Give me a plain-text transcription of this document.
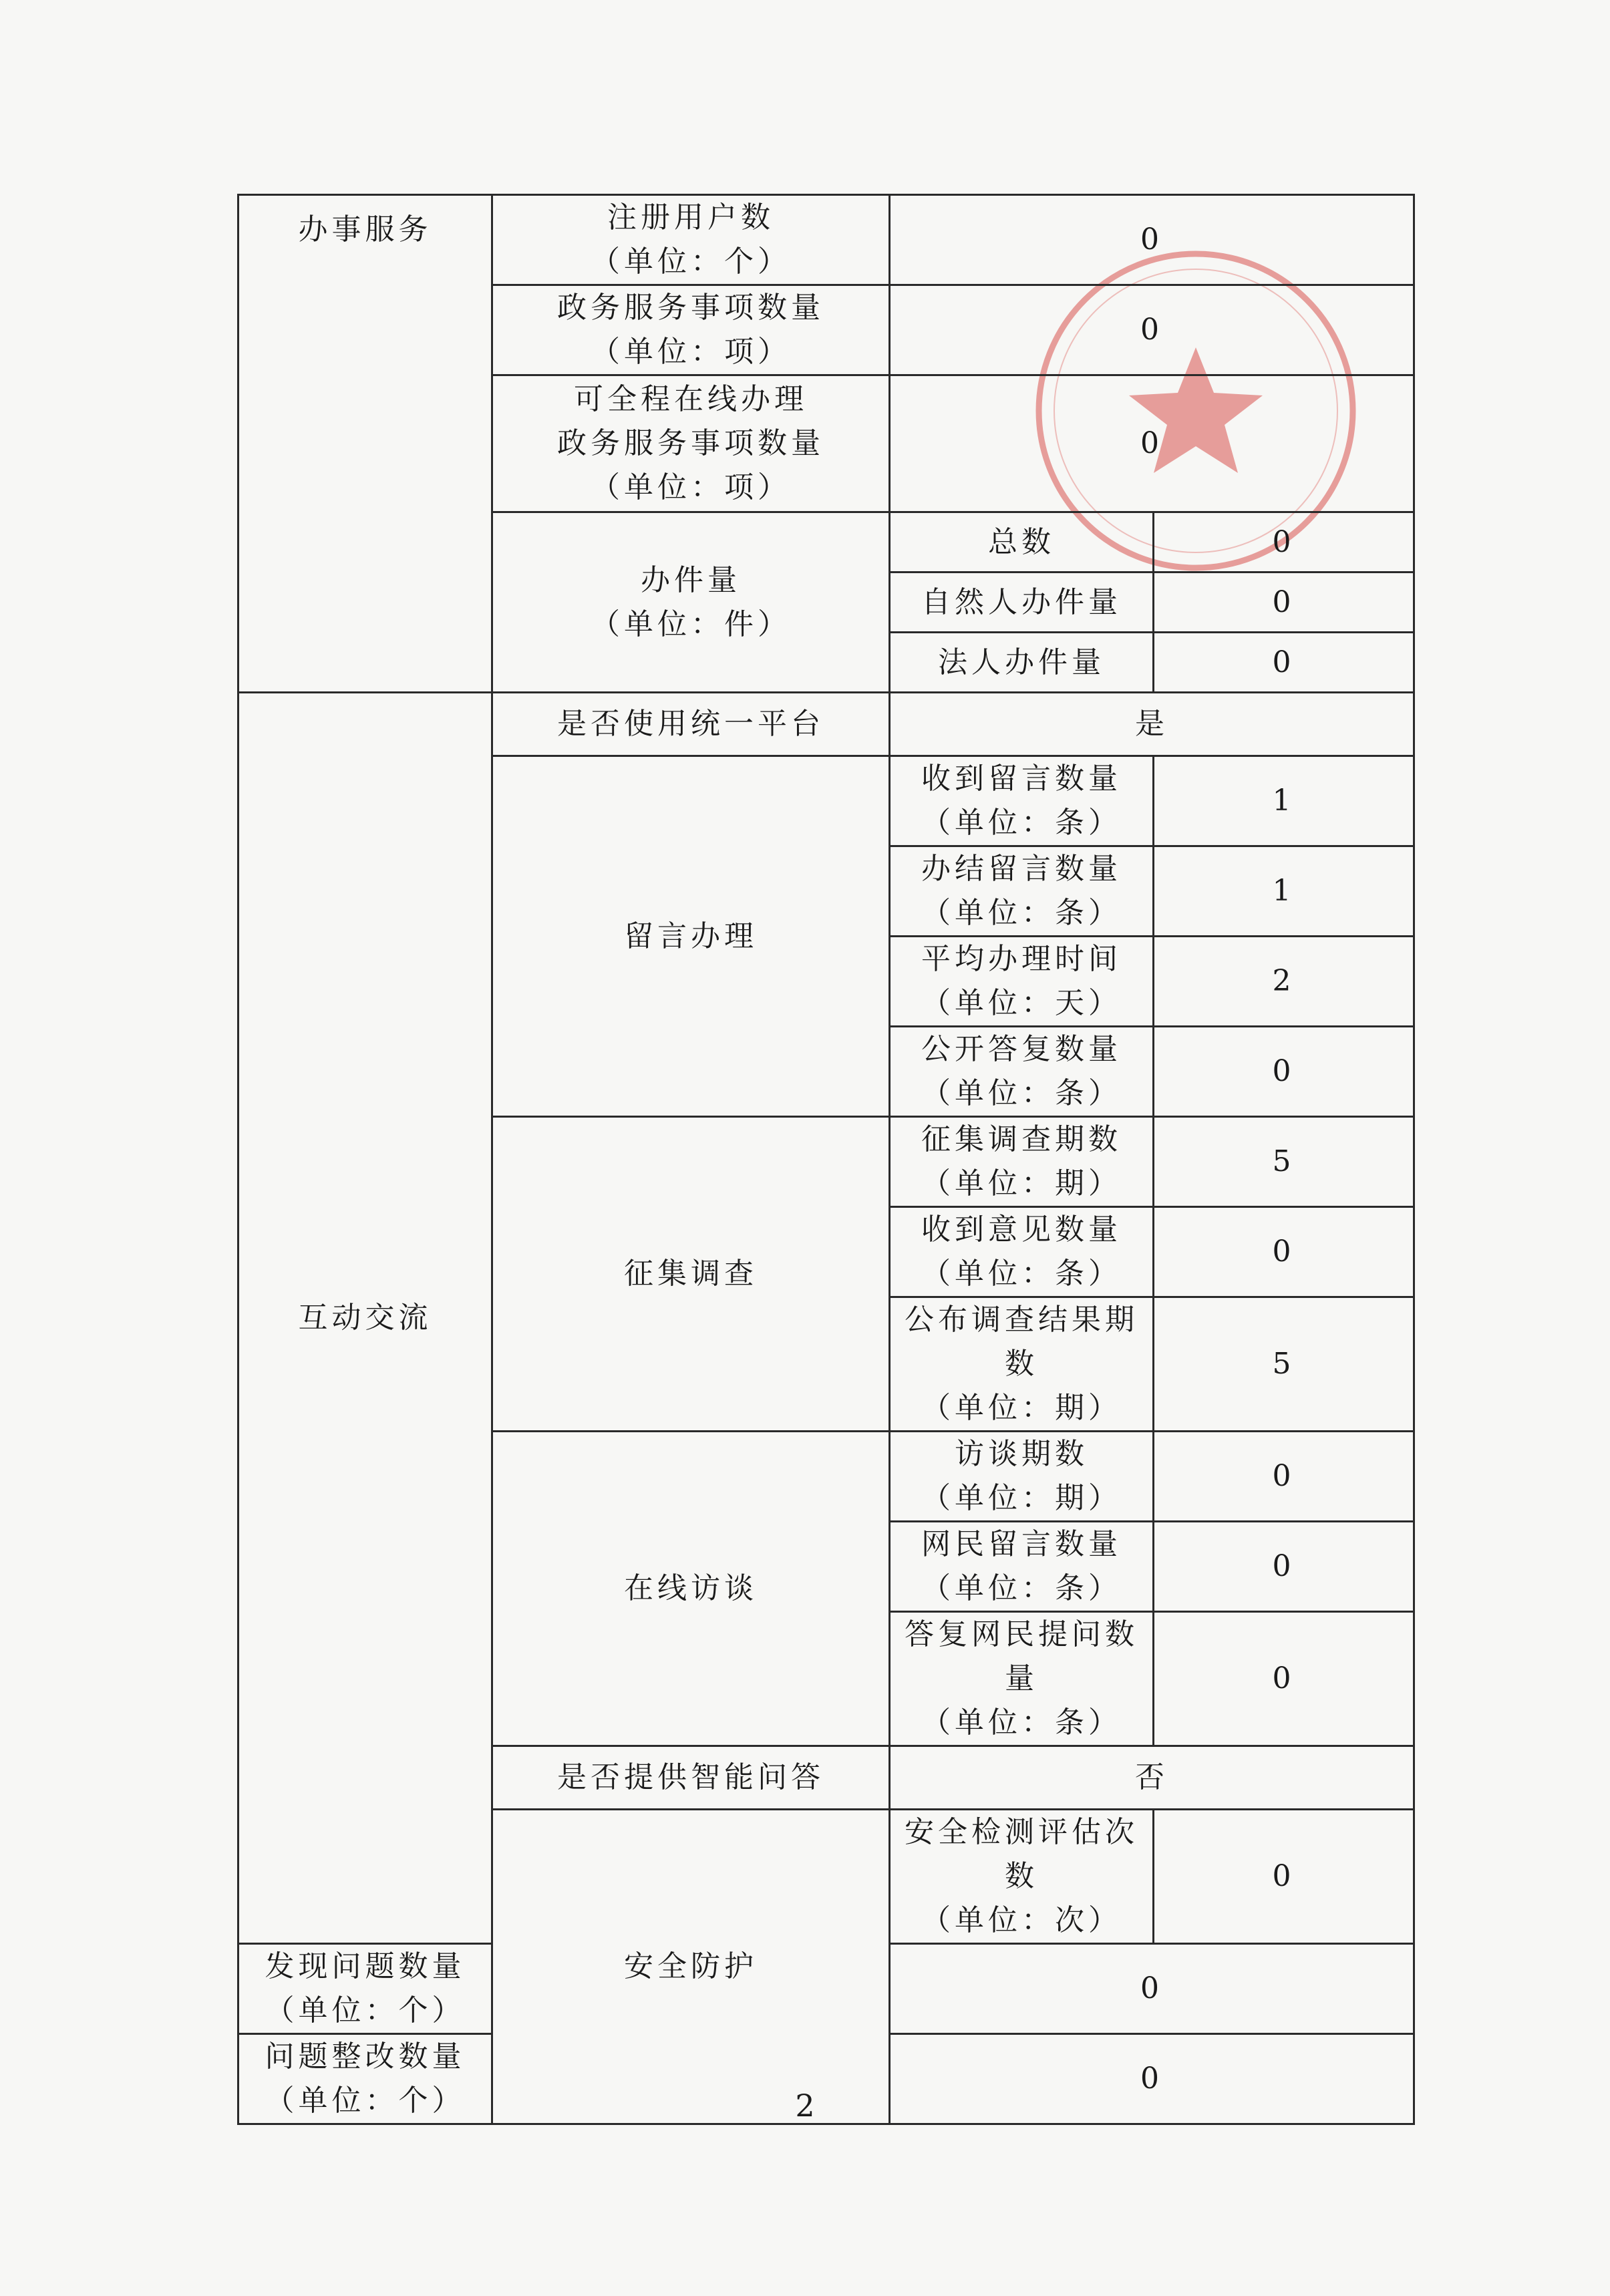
办事服务	注册用户数
（单位：个）	0	

	政务服务事项数量
（单位：项）	0	

	可全程在线办理
政务服务事项数量
（单位：项）	0	

	办件量
（单位：件）	总数	0
		自然人办件量	0
		法人办件量	0
互动交流	是否使用统一平台	是	
	留言办理	收到留言数量
（单位：条）	1

		办结留言数量
（单位：条）	1

		平均办理时间
（单位：天）	2

		公开答复数量
（单位：条）	0
	征集调查	征集调查期数
（单位：期）	5

		收到意见数量
（单位：条）	0

		公布调查结果期数
（单位：期）	5
	在线访谈	访谈期数
（单位：期）	0

		网民留言数量
（单位：条）	0

		答复网民提问数量
（单位：条）	0
	是否提供智能问答	否	
	安全防护	安全检测评估次数
（单位：次）	0

发现问题数量
（单位：个）		0	

问题整改数量
（单位：个）		0	
2
